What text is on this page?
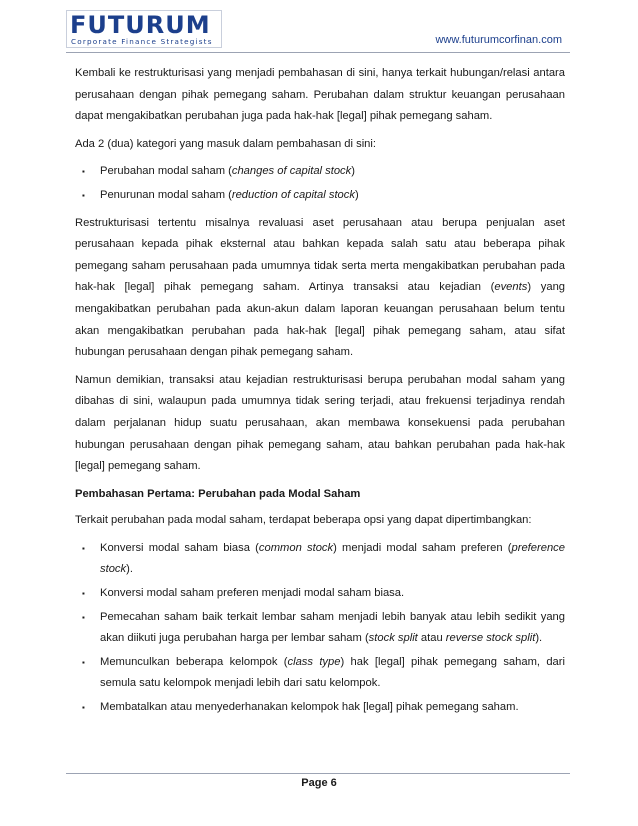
FUTURUM
Corporate Finance Strategists	www.futurumcorfinan.com

Kembali ke restrukturisasi yang menjadi pembahasan di sini, hanya terkait hubungan/relasi antara perusahaan dengan pihak pemegang saham. Perubahan dalam struktur keuangan perusahaan dapat mengakibatkan perubahan juga pada hak-hak [legal] pihak pemegang saham.

Ada 2 (dua) kategori yang masuk dalam pembahasan di sini:

▪ Perubahan modal saham (changes of capital stock)
▪ Penurunan modal saham (reduction of capital stock)

Restrukturisasi tertentu misalnya revaluasi aset perusahaan atau berupa penjualan aset perusahaan kepada pihak eksternal atau bahkan kepada salah satu atau beberapa pihak pemegang saham perusahaan pada umumnya tidak serta merta mengakibatkan perubahan pada hak-hak [legal] pihak pemegang saham. Artinya transaksi atau kejadian (events) yang mengakibatkan perubahan pada akun-akun dalam laporan keuangan perusahaan belum tentu akan mengakibatkan perubahan pada hak-hak [legal] pihak pemegang saham, atau sifat hubungan perusahaan dengan pihak pemegang saham.

Namun demikian, transaksi atau kejadian restrukturisasi berupa perubahan modal saham yang dibahas di sini, walaupun pada umumnya tidak sering terjadi, atau frekuensi terjadinya rendah dalam perjalanan hidup suatu perusahaan, akan membawa konsekuensi pada perubahan hubungan perusahaan dengan pihak pemegang saham, atau bahkan perubahan pada hak-hak [legal] pemegang saham.

Pembahasan Pertama: Perubahan pada Modal Saham

Terkait perubahan pada modal saham, terdapat beberapa opsi yang dapat dipertimbangkan:

▪ Konversi modal saham biasa (common stock) menjadi modal saham preferen (preference stock).
▪ Konversi modal saham preferen menjadi modal saham biasa.
▪ Pemecahan saham baik terkait lembar saham menjadi lebih banyak atau lebih sedikit yang akan diikuti juga perubahan harga per lembar saham (stock split atau reverse stock split).
▪ Memunculkan beberapa kelompok (class type) hak [legal] pihak pemegang saham, dari semula satu kelompok menjadi lebih dari satu kelompok.
▪ Membatalkan atau menyederhanakan kelompok hak [legal] pihak pemegang saham.
Page 6
